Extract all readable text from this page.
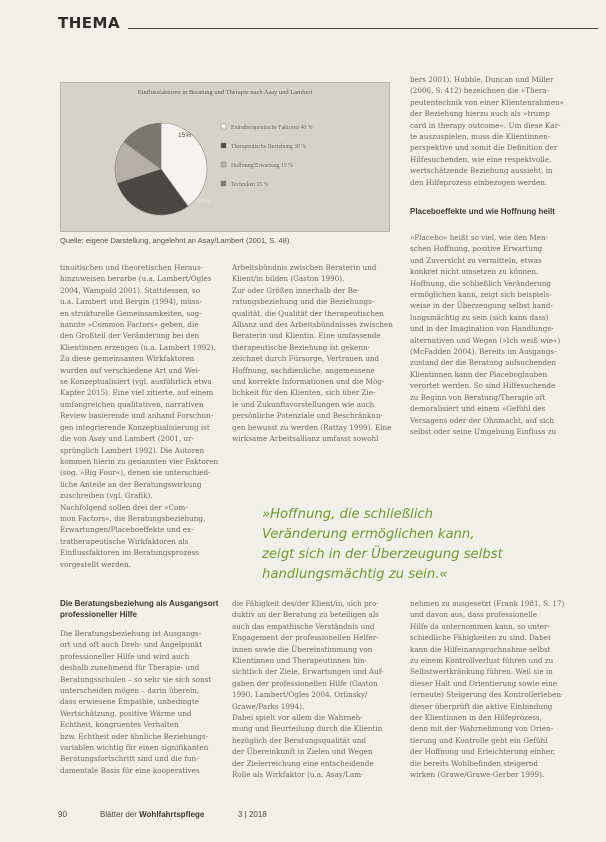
THEMA
Einflussfaktoren in Beratung und Therapie nach Asay und Lambert
15%
30%
Extratherapeutische Faktoren 40 %
Therapeutische Beziehung 30 %
Hoffnung/Erwartung 15 %
Techniken 15 %
Quelle: eigene Darstellung, angelehnt an Asay/Lambert (2001, S. 48)
tinuitischen und theoretischen Heraus-
hinzuweisen berarbe (u.a. Lambert/Ogles
2004, Wampold 2001). Stattdessen, so
u.a. Lambert und Bergin (1994), müss-
en strukturelle Gemeinsamkeiten, sog-
nannte »Common Factors« geben, die
den Großteil der Veränderung bei den
Klientinnen erzeugen (u.a. Lambert 1992).
Zu diese gemeinsamen Wirkfaktoren
wurden auf verschiedene Art und Wei-
se Konzeptualisiert (vgl. ausführlich etwa
Kapfer 2015). Eine viel zitierte, auf einem
umfangreichen qualitativen, narrativen
Review basierende und anhand Forschun-
gen integrierende Konzeptualisierung ist
die von Asay und Lambert (2001, ur-
sprünglich Lambert 1992). Die Autoren
kommen hierin zu genannten vier Faktoren
(sog. »Big Four«), denen sie unterschied-
liche Anteile an der Beratungswirkung
zuschreiben (vgl. Grafik).
Nachfolgend sollen drei der »Com-
mon Factors«, die Beratungsbeziehung,
Erwartungen/Placeboeffekte und ex-
tratherapeutische Wirkfaktoren als
Einflussfaktoren im Beratungsprozess
vorgestellt werden.
Arbeitsbündnis zwischen Beraterin und
Klient/in bilden (Gaston 1990).
Zur oder Größen innerhalb der Be-
ratungsbeziehung und die Beziehungs-
qualität, die Qualität der therapeutischen
Allianz und des Arbeitsbündnisses zwischen
Beraterin und Klientin. Eine umfassende
therapeutische Beziehung ist gekenn-
zeichnet durch Fürsorge, Vertrauen und
Hoffnung, sachdienliche, angemessene
und korrekte Informationen und die Mög-
lichkeit für den Klienten, sich über Zie-
le und Zukunftsvorstellungen wie auch
persönliche Potenziale und Beschränkun-
gen bewusst zu werden (Rattay 1999). Eine
wirksame Arbeitsallianz umfasst sowohl
bers 2001). Hubble, Duncan und Miller
(2006, S. 412) bezeichnen die »Thera-
peutentechnik von einer Klientenrahmen«
der Beziehung hierzu auch als »trump
card in therapy outcome«. Um diese Kar-
te auszuspielen, muss die Klientinnen-
perspektive und somit die Definition der
Hilfesuchenden, wie eine respektvolle,
wertschätzende Beziehung aussieht, in
den Hilfeprozess einbezogen werden.
Placeboeffekte und wie Hoffnung heilt
»Placebo« heißt so viel, wie den Men-
schen Hoffnung, positive Erwartung
und Zuversicht zu vermitteln, etwas
konkret nicht umsetzen zu können.
Hoffnung, die schließlich Veränderung
ermöglichen kann, zeigt sich beispiels-
weise in der Überzeugung selbst hand-
lungsmächtig zu sein (sich kann dass)
und in der Imagination von Handlungs-
alternativen und Wegen (»Ich weiß wie«)
(McFadden 2004). Bereits im Ausgangs-
zustand der die Beratung aufsuchenden
Klientinnen kann der Placeboglauben
verortet werden. So sind Hilfesuchende
zu Beginn von Beratung/Therapie oft
demoralisiert und einem »Gefühl des
Versagens oder der Ohnmacht, auf sich
selbst oder seine Umgebung Einfluss zu
»Hoffnung, die schließlich
Veränderung ermöglichen kann,
zeigt sich in der Überzeugung selbst
handlungsmächtig zu sein.«
Die Beratungsbeziehung als Ausgangsort professioneller Hilfe
Die Beratungsbeziehung ist Ausgangs-
ort und oft auch Dreh- und Angelpunkt
professioneller Hilfe und wird auch
deshalb zunehmend für Therapie- und
Beratungsschulen – so sehr sie sich sonst
unterscheiden mögen – darin überein,
dass erwiesene Empathie, unbedingte
Wertschätzung, positive Wärme und
Echtheit, kongruentes Verhalten
bzw. Echtheit oder ähnliche Beziehungs-
variablen wichtig für einen signifikanten
Beratungsfortschritt sind und die fun-
damentale Basis für eine kooperatives
die Fähigkeit des/der Klient/in, sich pro-
duktiv an der Beratung zu beteiligen als
auch das empathische Verständnis und
Engagement der professionellen Helfer-
innen sowie die Übereinstimmung von
Klientinnen und Therapeutinnen hin-
sichtlich der Ziele, Erwartungen und Auf-
gaben der professionellen Hilfe (Gaston
1990, Lambert/Ogles 2004, Orlinsky/
Grawe/Parks 1994).
Dabei spielt vor allem die Wahrneh-
mung und Beurteilung durch die Klientin
bezüglich der Beratungsqualität und
der Übereinkunft in Zielen und Wegen
der Zielerreichung eine entscheidende
Rolle als Wirkfaktor (u.a. Asay/Lam-
nehmen zu ausgesetzt (Frank 1981, S. 17)
und davon aus, dass professionelle
Hilfe da unternommen kann, so unter-
schiedliche Fähigkeiten zu sind. Dabei
kann die Hilfeinanspruchnahme selbst
zu einem Kontrollverlust führen und zu
Selbstwertkränkung führen. Weil sie in
dieser Halt und Orientierung sowie eine
(erneute) Steigerung des Kontrollerleben-
dieser überprüft die aktive Einbindung
der Klientinnen in den Hilfeprozess,
denn mit der Wahrnehmung von Orien-
tierung und Kontrolle geht ein Gefühl
der Hoffnung und Erleichterung einher,
die bereits Wohlbefinden steigernd
wirken (Grawe/Grawe-Gerber 1999).
90	Blätter der Wohlfahrtspflege	3 | 2018
